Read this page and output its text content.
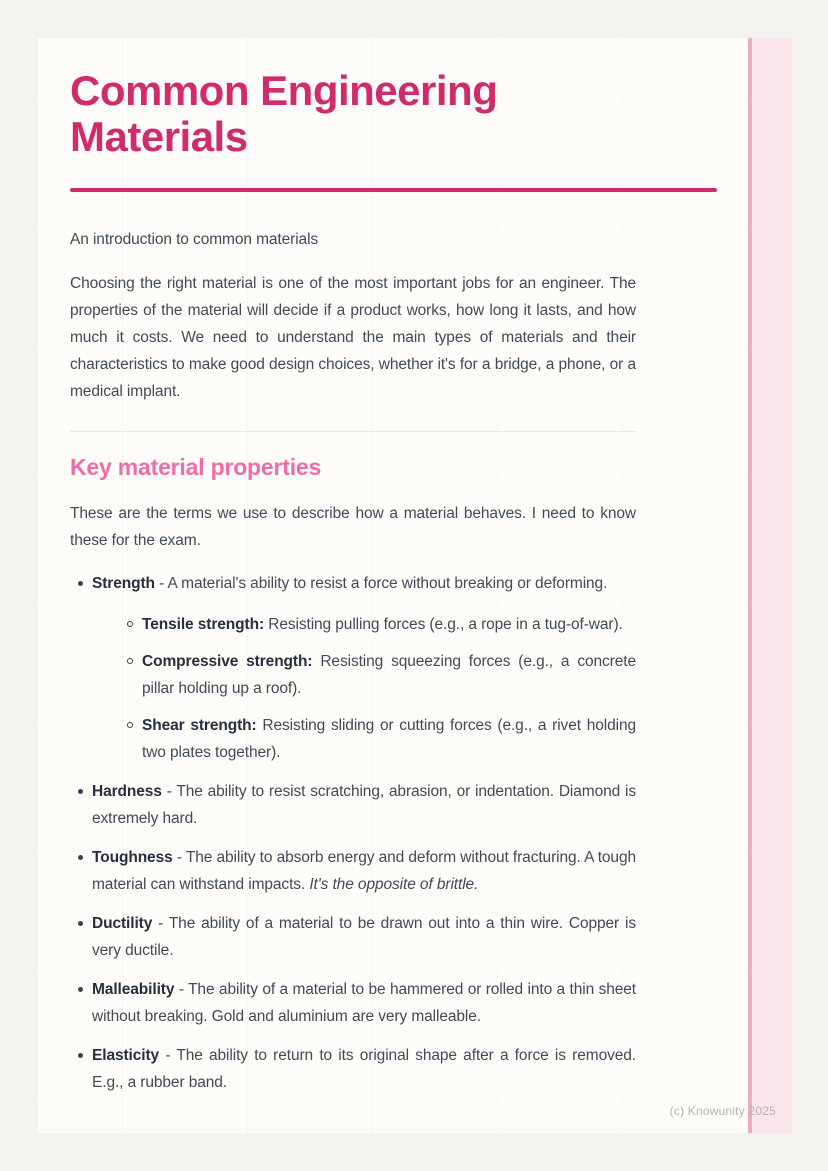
Common Engineering Materials

An introduction to common materials

Choosing the right material is one of the most important jobs for an engineer. The properties of the material will decide if a product works, how long it lasts, and how much it costs. We need to understand the main types of materials and their characteristics to make good design choices, whether it's for a bridge, a phone, or a medical implant.

Key material properties

These are the terms we use to describe how a material behaves. I need to know these for the exam.

Strength - A material's ability to resist a force without breaking or deforming.
Tensile strength: Resisting pulling forces (e.g., a rope in a tug-of-war).
Compressive strength: Resisting squeezing forces (e.g., a concrete pillar holding up a roof).
Shear strength: Resisting sliding or cutting forces (e.g., a rivet holding two plates together).
Hardness - The ability to resist scratching, abrasion, or indentation. Diamond is extremely hard.
Toughness - The ability to absorb energy and deform without fracturing. A tough material can withstand impacts. It's the opposite of brittle.
Ductility - The ability of a material to be drawn out into a thin wire. Copper is very ductile.
Malleability - The ability of a material to be hammered or rolled into a thin sheet without breaking. Gold and aluminium are very malleable.
Elasticity - The ability to return to its original shape after a force is removed. E.g., a rubber band.
(c) Knowunity 2025
